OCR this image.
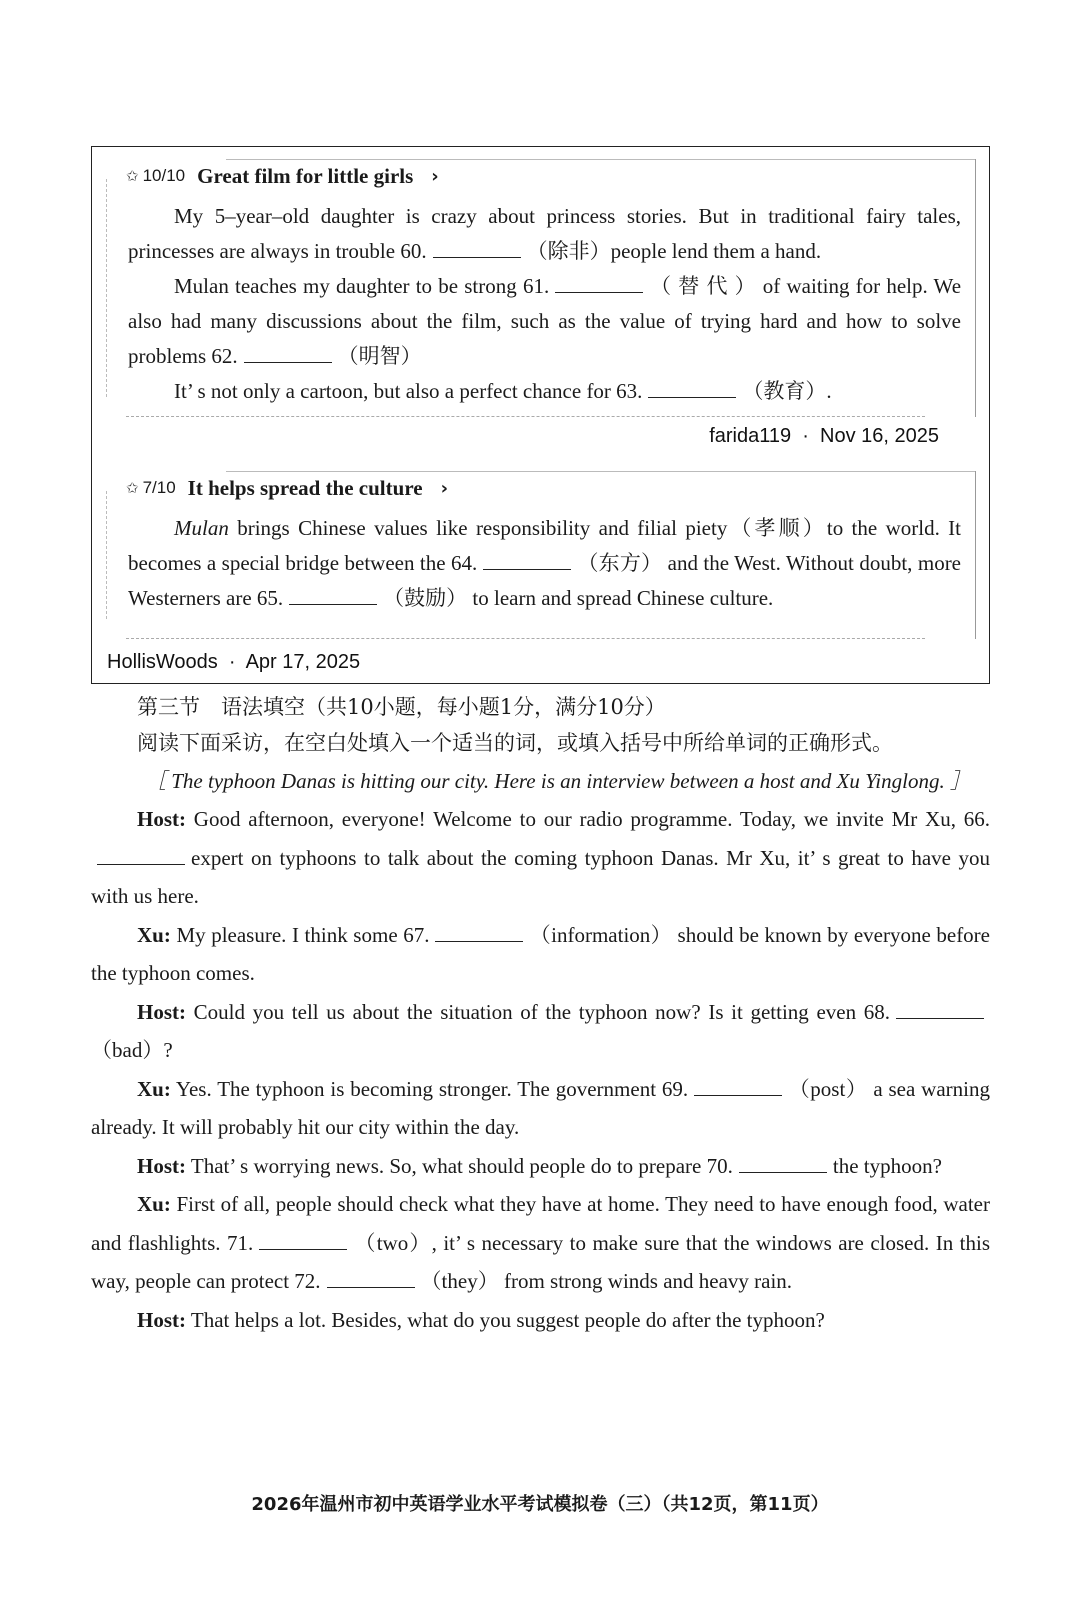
✩ 10/10 Great film for little girls ›

My 5–year–old daughter is crazy about princess stories. But in traditional fairy tales, princesses are always in trouble 60.	（除非）people lend them a hand.

Mulan teaches my daughter to be strong 61.	（ 替 代 ） of waiting for help. We also had many discussions about the film, such as the value of trying hard and how to solve problems 62.	（明智）

It’ s not only a cartoon, but also a perfect chance for 63.	（教育）.

farida119  ·  Nov 16, 2025
✩ 7/10 It helps spread the culture ›

Mulan brings Chinese values like responsibility and filial piety（孝顺）to the world. It becomes a special bridge between the 64.	（东方） and the West. Without doubt, more Westerners are 65.	（鼓励） to learn and spread Chinese culture.

HollisWoods  ·  Apr 17, 2025
第三节　语法填空（共10小题，每小题1分，满分10分）
阅读下面采访，在空白处填入一个适当的词，或填入括号中所给单词的正确形式。

［ The typhoon Danas is hitting our city. Here is an interview between a host and Xu Yinglong. ］

Host: Good afternoon, everyone! Welcome to our radio programme. Today, we invite Mr Xu, 66.expert on typhoons to talk about the coming typhoon Danas. Mr Xu, it’ s great to have you with us here.

Xu: My pleasure. I think some 67.	（information） should be known by everyone before the typhoon comes.

Host: Could you tell us about the situation of the typhoon now? Is it getting even 68.（bad）?

Xu: Yes. The typhoon is becoming stronger. The government 69.	（post） a sea warning already. It will probably hit our city within the day.

Host: That’ s worrying news. So, what should people do to prepare 70.	the typhoon?

Xu: First of all, people should check what they have at home. They need to have enough food, water and flashlights. 71.	（two）, it’ s necessary to make sure that the windows are closed. In this way, people can protect 72.	（they） from strong winds and heavy rain.

Host: That helps a lot. Besides, what do you suggest people do after the typhoon?

2026年温州市初中英语学业水平考试模拟卷（三）（共12页，第11页）
